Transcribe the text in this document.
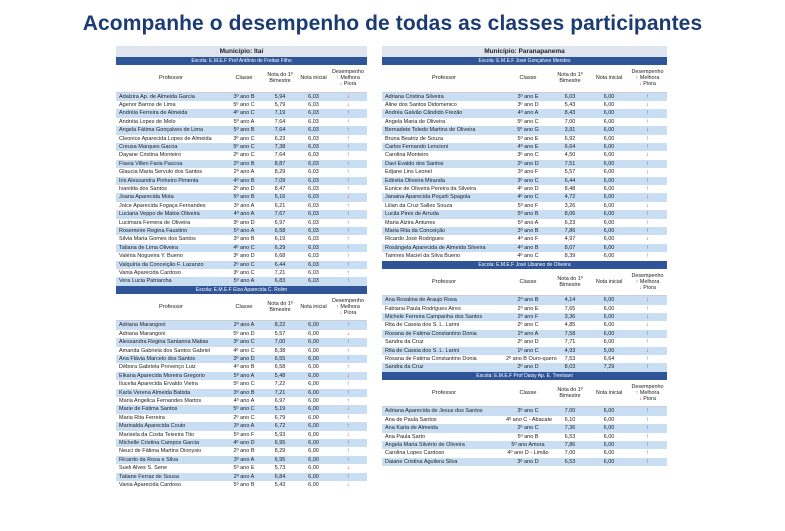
Acompanhe o desempenho de todas as classes participantes
Município: Itaí
Escola: E.M.E.F Prof Antônio de Freitas Filho
Professor	Classe	Nota do 1º Bimestre	Nota inicial	Desempenho
↑ Melhora
↓ Piora

Adalzira Ap. de Almeida Garcia	3º ano B	5,94	6,03	↓
Agenor Barros de Lima	5º ano C	5,79	6,03	↓
Andréia Ferreira de Almeida	4º ano C	7,19	6,03	↑
Andréia Lopes de Melo	5º ano A	7,64	6,03	↑
Angela Fátima Gonçalves de Lima	5º ano B	7,64	6,03	↑
Cleonice Aparecida Lopes de Almeida	3º ano C	6,23	6,03	↑
Creusa Marques Garcia	5º ano C	7,38	6,03	↑
Dayane Cristina Monteiro	2º ano C	7,64	6,03	↑
Flavia Villen Faria Pascoa	2º ano B	8,87	6,03	↑
Glaucia Maria Servulo dos Santos	2º ano A	8,29	6,03	↑
Iris Alessandra Pinheiro Pimenta	4º ano B	7,09	6,03	↑
Ivanilda dos Santos	2º ano D	8,47	6,03	↑
Joana Aparecida Mota	5º ano B	5,16	6,03	↓
Joice Aparecida Fogaça Fernandes	3º ano A	6,21	6,03	↑
Luciana Veppo de Matos Oliveira	4º ano A	7,67	6,03	↑
Lucimara Ferreira de Oliveira	3º ano D	6,97	6,03	↑
Rosemeire Regina Faustino	5º ano A	6,58	6,03	↑
Silvia Maria Gomes dos Santos	3º ano B	6,19	6,03	↑
Tatiana de Lima Oliveira	4º ano C	6,29	6,03	↑
Valéria Nogueira Y. Bueno	3º ano D	6,68	6,03	↑
Valquíria da Conceição F. Lazanzo	2º ano C	6,44	6,03	↑
Vania Aparecida Cardoso	3º ano C	7,21	6,03	↑
Vera Lucia Patriarcha	5º ano A	6,83	6,03	↑
Escola: E.M.E.F Elza Aparecida C. Rolim
Professor	Classe	Nota do 1º Bimestre	Nota inicial	Desempenho
↑ Melhora
↓ Piora

Adriana Marangoni	2º ano A	8,22	6,00	↑
Adriana Marangoni	5º ano D	5,57	6,00	↓
Alessandra Regina Santanna Matias	3º ano C	7,00	6,00	↑
Amanda Gabriela dos Santos Gabriel	4º ano C	8,38	6,00	↑
Ana Flávia Marcelo dos Santos	3º ano D	6,55	6,00	↑
Débora Gabriela Provenço Luiz	4º ano B	6,58	6,00	↑
Elkana Aparecida Moreira Gregorio	5º ano A	5,48	6,00	↓
Ilucelia Aparecida Ervaldo Vieira	5º ano C	7,22	6,00	↑
Karla Verena Almeida Batista	3º ano B	7,21	6,00	↑
Maria Angelica Fernandes Martos	4º ano A	6,97	6,00	↑
Marie de Fátima Santos	5º ano C	5,19	6,00	↓
Maria Rita Ferreira	2º ano C	6,79	6,00	↑
Marinalda Aparecida Couto	3º ano A	6,72	6,00	↑
Marisela da Costa Teixeira Tito	5º ano F	5,93	6,00	↓
Michelle Cristina Campos Garcia	4º ano D	6,95	6,00	↑
Neuci de Fátima Martins Dionysio	2º ano B	8,29	6,00	↑
Ricardo da Rosa e Silva	3º ano A	6,95	6,00	↑
Sueli Alves S. Sene	5º ano E	5,73	6,00	↓
Tatiane Ferraz de Sousa	2º ano A	6,84	6,00	↑
Vania Aparecida Cardoso	5º ano B	5,43	6,00	↓
Município: Paranapanema
Escola: E.M.E.F José Gonçalves Mendes
Professor	Classe	Nota do 1º Bimestre	Nota inicial	Desempenho
↑ Melhora
↓ Piora

Adriana Cristina Silveira	3º ano E	6,03	6,00	↑
Aline dos Santos Didomenico	3º ano D	5,43	6,00	↓
Andréa Galvão Cândido Frezão	4º ano A	8,43	6,00	↑
Angela Maria de Oliveira	5º ano C	7,00	6,00	↑
Bernadete Toledo Martins de Oliveira	5º ano G	3,91	6,00	↓
Bruna Beatriz de Souza	5º ano E	6,92	6,00	↑
Carlos Fernando Lencioni	4º ano E	6,64	6,00	↑
Carolina Monteiro	3º ano C	4,50	6,00	↓
Davi Evaldo dos Santos	2º ano D	7,51	6,00	↑
Edjane Lins Leonel	3º ano F	5,57	6,00	↓
Edinéia Oliveira Miranda	3º ano C	6,44	6,00	↑
Eunice de Oliveira Pereira da Silveira	4º ano D	8,48	6,00	↑
Janaina Aparecida Poçarli Spagola	4º ano C	4,72	6,00	↓
Lilian da Cruz Salles Souza	5º ano F	3,26	6,00	↓
Lucila Pires de Arruda	5º ano B	8,06	6,00	↑
Maria Alzira Antunes	5º ano A	6,23	6,00	↑
Maria Rita da Conceição	3º ano B	7,86	6,00	↑
Ricardo José Rodrigues	4º ano F	4,97	6,00	↓
Rosângela Aparecida de Almeida Silveira	4º ano B	8,07	6,00	↑
Tamires Maciel da Silva Bueno	4º ano C	8,39	6,00	↑
Escola: E.M.E.F José Libaneo de Oliveira
Professor	Classe	Nota do 1º Bimestre	Nota inicial	Desempenho
↑ Melhora
↓ Piora

Ana Rosalina de Araujo Rosa	2º ano B	4,14	6,00	↓
Fabiana Paula Rodrigues Aires	2º ano E	7,65	6,00	↑
Michele Ferreira Campanha dos Santos	2º ano F	3,36	6,00	↓
Rita de Cassia dos S. L. Larini	2º ano C	4,85	6,00	↓
Rosana de Fatima Constantino Donia	2º ano A	7,58	6,00	↑
Sandra da Cruz	2º ano D	7,71	6,00	↑
Rita de Cassia dos S. L. Larini	1º ano C	4,93	5,00	↓
Rosana de Fatima Constantino Donia	2º ano B Ouro-quero	7,53	6,64	↑
Sandra da Cruz	2º ano D	8,03	7,29	↑
Escola: E.M.E.F Prof Daisy Ap. E. Trevisani
Professor	Classe	Nota do 1º Bimestre	Nota inicial	Desempenho
↑ Melhora
↓ Piora

Adriana Aparecida de Jesus dos Santos	3º ano C	7,00	6,00	↑
Ana de Paula Santos	4º ano C - Abacate	6,10	6,00	↑
Ana Karla de Almeida	2º ano C	7,36	6,00	↑
Ana Paula Sarto	5º ano B	6,53	6,00	↑
Angela Maria Silvério de Oliveira	5º ano Amora	7,86	6,00	↑
Carolina Lopes Cardoso	4º ano D - Limão	7,00	6,00	↑
Daiane Cristina Aguilera Silva	3º ano D	6,53	6,00	↑
